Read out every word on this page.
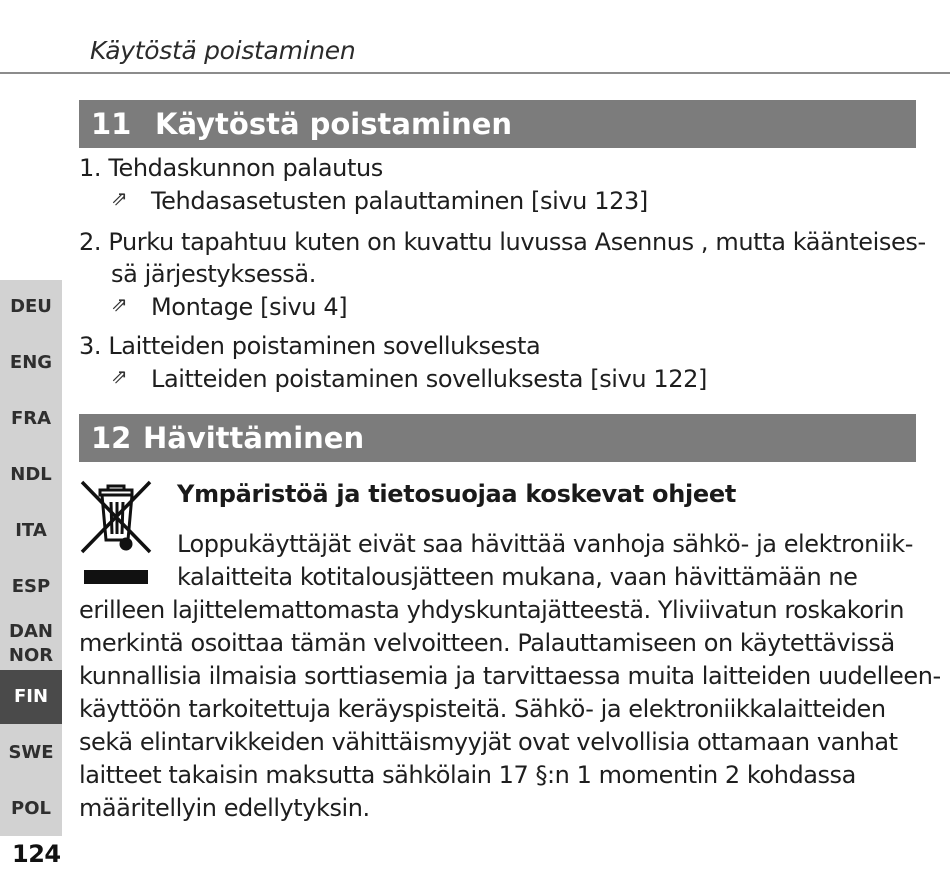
Käytöstä poistaminen
11 Käytöstä poistaminen
1. Tehdaskunnon palautus
⇗ Tehdasasetusten palauttaminen [sivu 123]
2. Purku tapahtuu kuten on kuvattu luvussa Asennus , mutta käänteises-
sä järjestyksessä.
⇗ Montage [sivu 4]
3. Laitteiden poistaminen sovelluksesta
⇗ Laitteiden poistaminen sovelluksesta [sivu 122]
12 Hävittäminen
Ympäristöä ja tietosuojaa koskevat ohjeet
Loppukäyttäjät eivät saa hävittää vanhoja sähkö- ja elektroniik-
kalaitteita kotitalousjätteen mukana, vaan hävittämään ne
erilleen lajittelemattomasta yhdyskuntajätteestä. Yliviivatun roskakorin
merkintä osoittaa tämän velvoitteen. Palauttamiseen on käytettävissä
kunnallisia ilmaisia sorttiasemia ja tarvittaessa muita laitteiden uudelleen-
käyttöön tarkoitettuja keräyspisteitä. Sähkö- ja elektroniikkalaitteiden
sekä elintarvikkeiden vähittäismyyjät ovat velvollisia ottamaan vanhat
laitteet takaisin maksutta sähkölain 17 §:n 1 momentin 2 kohdassa
määritellyin edellytyksin.
DEU
ENG
FRA
NDL
ITA
ESP
DAN
NOR
FIN
SWE
POL
124
